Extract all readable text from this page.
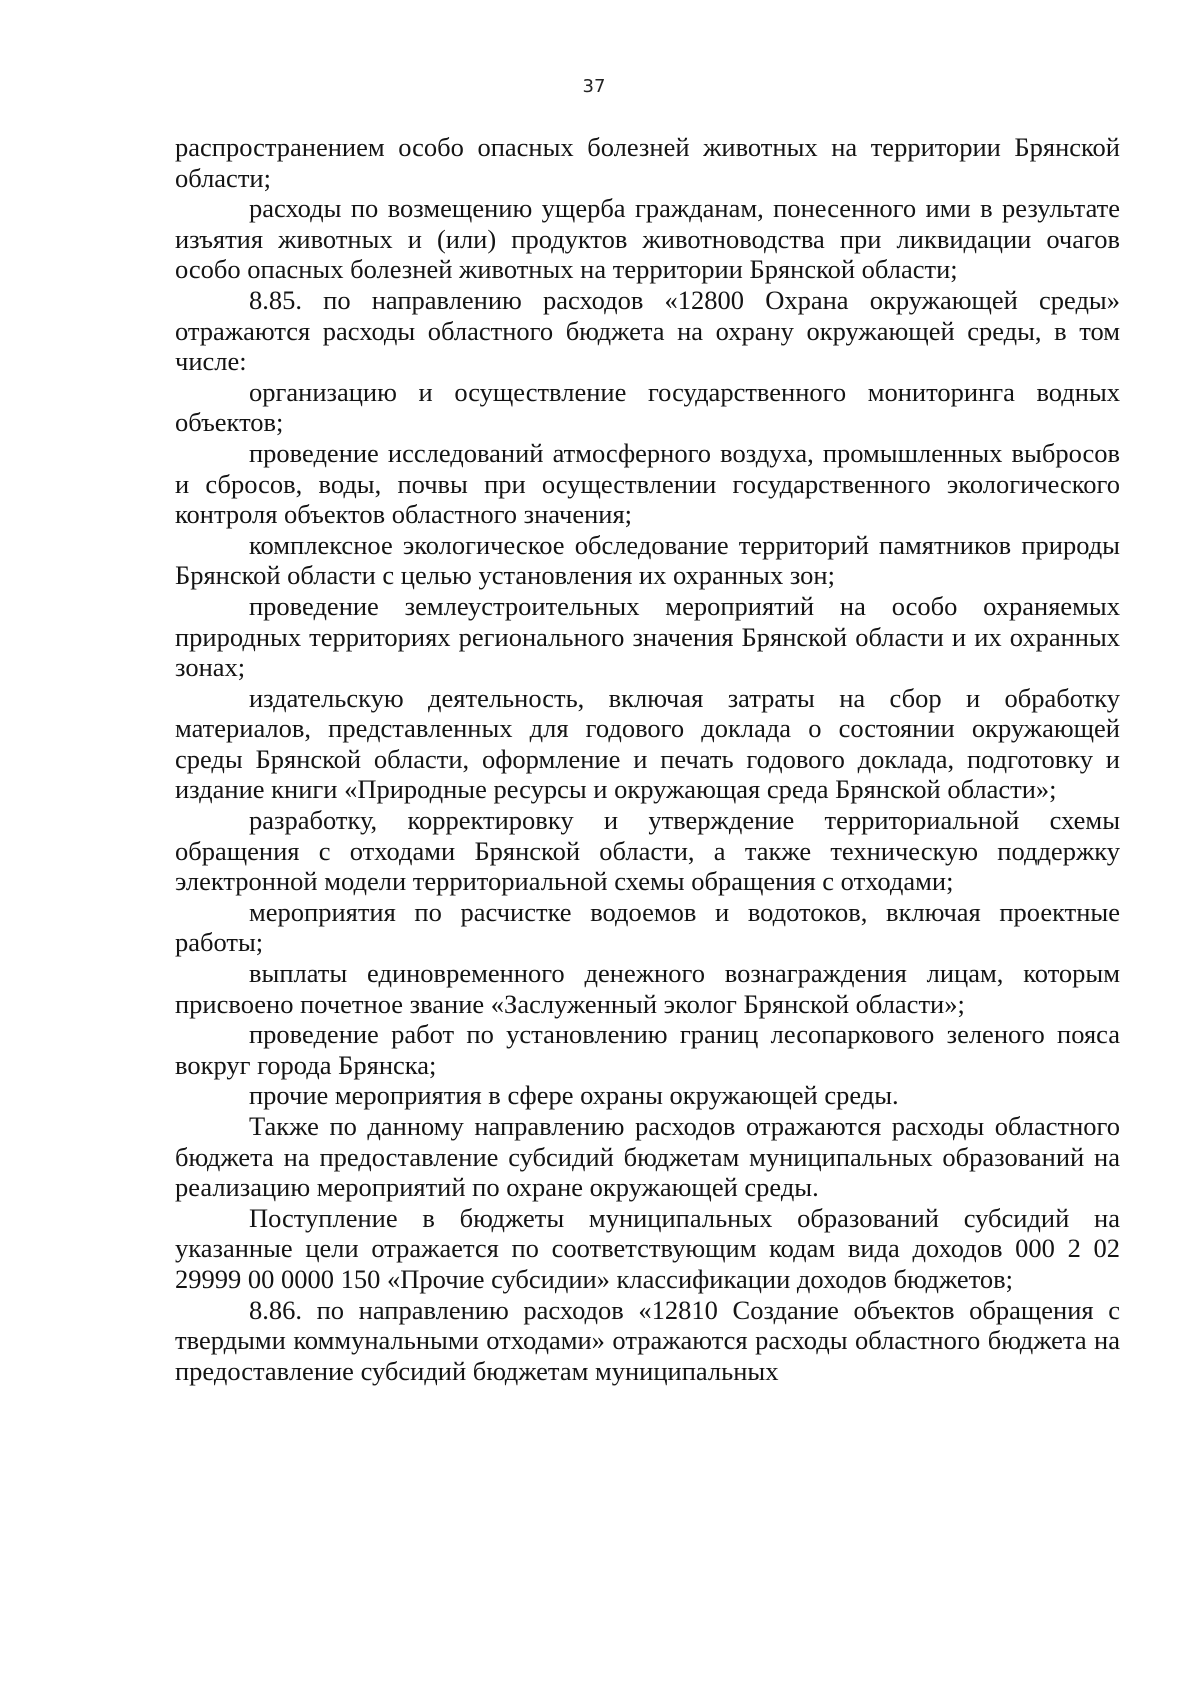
37

распространением особо опасных болезней животных на территории Брянской области;

расходы по возмещению ущерба гражданам, понесенного ими в результате изъятия животных и (или) продуктов животноводства при ликвидации очагов особо опасных болезней животных на территории Брянской области;

8.85. по направлению расходов «12800 Охрана окружающей среды» отражаются расходы областного бюджета на охрану окружающей среды, в том числе:

организацию и осуществление государственного мониторинга водных объектов;

проведение исследований атмосферного воздуха, промышленных выбросов и сбросов, воды, почвы при осуществлении государственного экологического контроля объектов областного значения;

комплексное экологическое обследование территорий памятников природы Брянской области с целью установления их охранных зон;

проведение землеустроительных мероприятий на особо охраняемых природных территориях регионального значения Брянской области и их охранных зонах;

издательскую деятельность, включая затраты на сбор и обработку материалов, представленных для годового доклада о состоянии окружающей среды Брянской области, оформление и печать годового доклада, подготовку и издание книги «Природные ресурсы и окружающая среда Брянской области»;

разработку, корректировку и утверждение территориальной схемы обращения с отходами Брянской области, а также техническую поддержку электронной модели территориальной схемы обращения с отходами;

мероприятия по расчистке водоемов и водотоков, включая проектные работы;

выплаты единовременного денежного вознаграждения лицам, которым присвоено почетное звание «Заслуженный эколог Брянской области»;

проведение работ по установлению границ лесопаркового зеленого пояса вокруг города Брянска;

прочие мероприятия в сфере охраны окружающей среды.

Также по данному направлению расходов отражаются расходы областного бюджета на предоставление субсидий бюджетам муниципальных образований на реализацию мероприятий по охране окружающей среды.

Поступление в бюджеты муниципальных образований субсидий на указанные цели отражается по соответствующим кодам вида доходов 000 2 02 29999 00 0000 150 «Прочие субсидии» классификации доходов бюджетов;

8.86. по направлению расходов «12810 Создание объектов обращения с твердыми коммунальными отходами» отражаются расходы областного бюджета на предоставление субсидий бюджетам муниципальных
